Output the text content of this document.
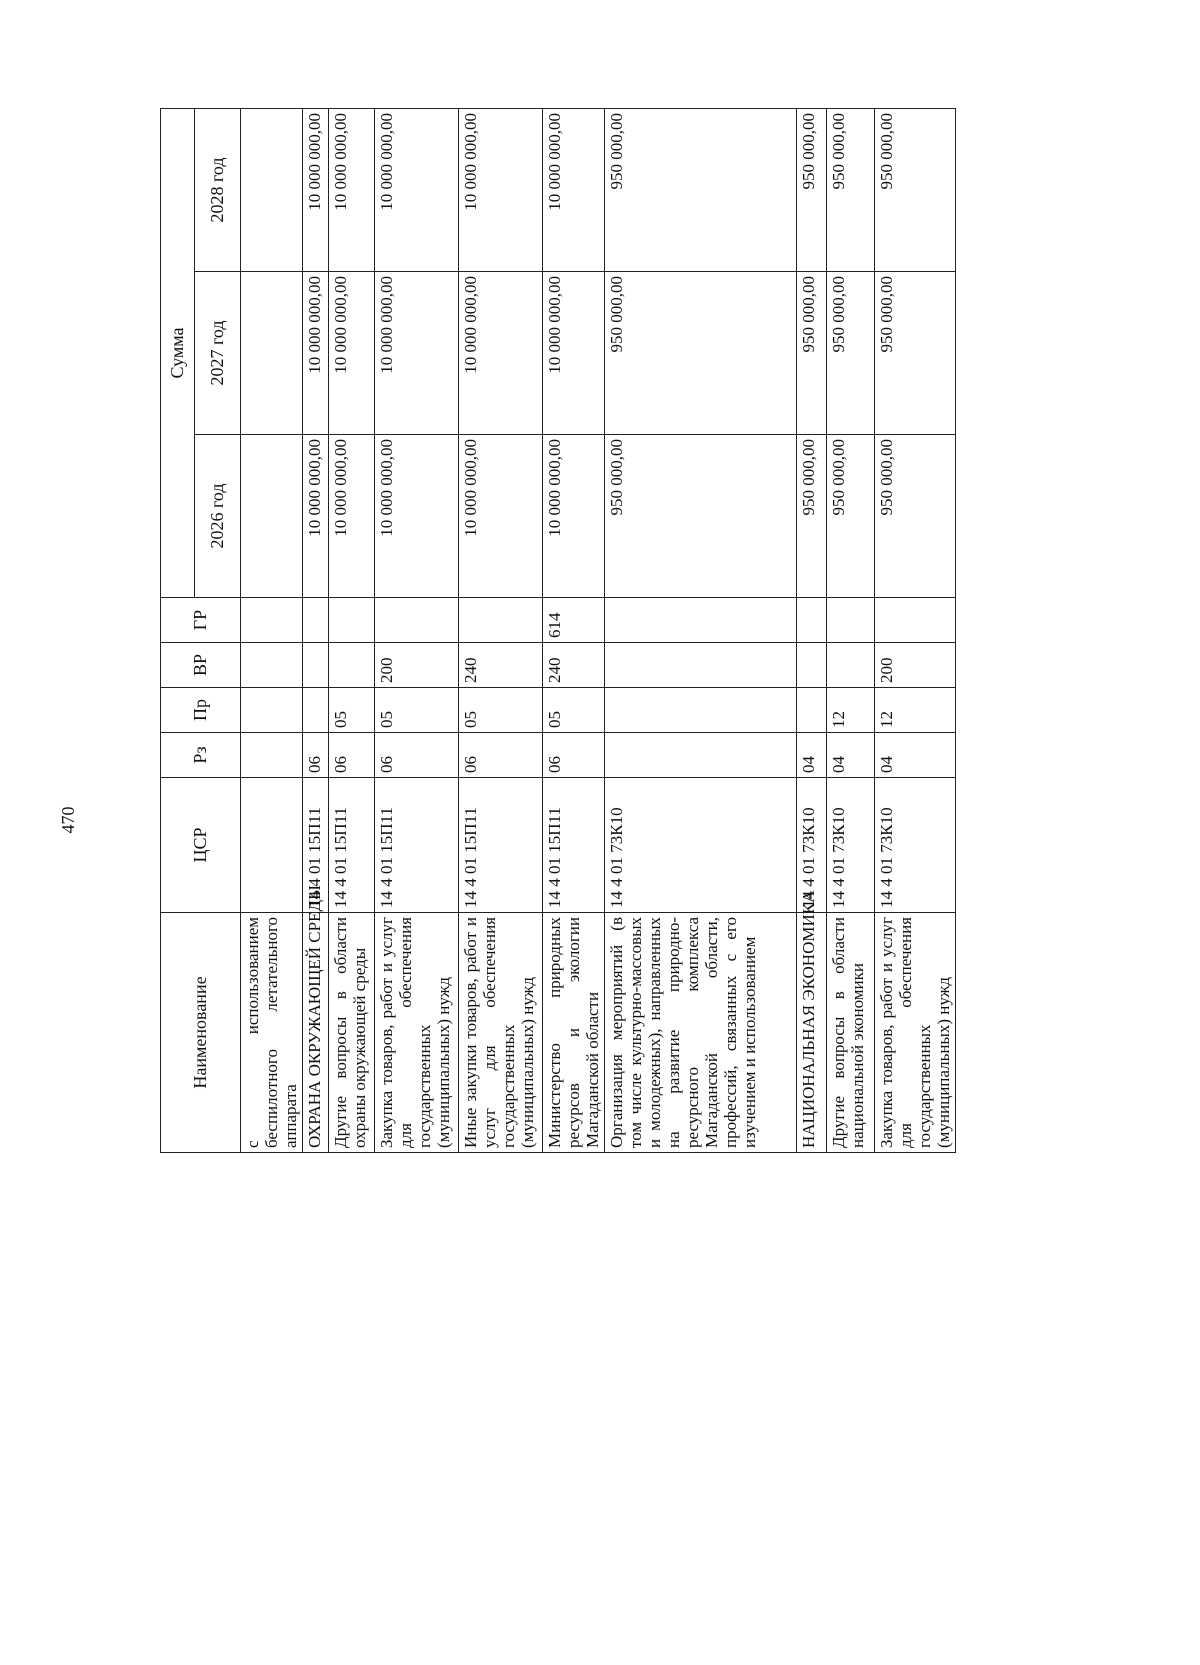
470
Наименование	ЦСР	Рз	Пр	ВР	ГР	Сумма		
						2026 год	2027 год	2028 год
с использованием беспилотного летательного аппарата								
ОХРАНА ОКРУЖАЮЩЕЙ СРЕДЫ	14 4 01 15П11	06				10 000 000,00	10 000 000,00	10 000 000,00
Другие вопросы в области охраны окружающей среды	14 4 01 15П11	06	05			10 000 000,00	10 000 000,00	10 000 000,00
Закупка товаров, работ и услуг для обеспечения государственных (муниципальных) нужд	14 4 01 15П11	06	05	200		10 000 000,00	10 000 000,00	10 000 000,00
Иные закупки товаров, работ и услуг для обеспечения государственных (муниципальных) нужд	14 4 01 15П11	06	05	240		10 000 000,00	10 000 000,00	10 000 000,00
Министерство природных ресурсов и экологии Магаданской области	14 4 01 15П11	06	05	240	614	10 000 000,00	10 000 000,00	10 000 000,00
Организация мероприятий (в том числе культурно-массовых и молодежных), направленных на развитие природно-ресурсного комплекса Магаданской области, профессий, связанных с его изучением и использованием	14 4 01 73К10					950 000,00	950 000,00	950 000,00
НАЦИОНАЛЬНАЯ ЭКОНОМИКА	14 4 01 73К10	04				950 000,00	950 000,00	950 000,00
Другие вопросы в области национальной экономики	14 4 01 73К10	04	12			950 000,00	950 000,00	950 000,00
Закупка товаров, работ и услуг для обеспечения государственных (муниципальных) нужд	14 4 01 73К10	04	12	200		950 000,00	950 000,00	950 000,00
